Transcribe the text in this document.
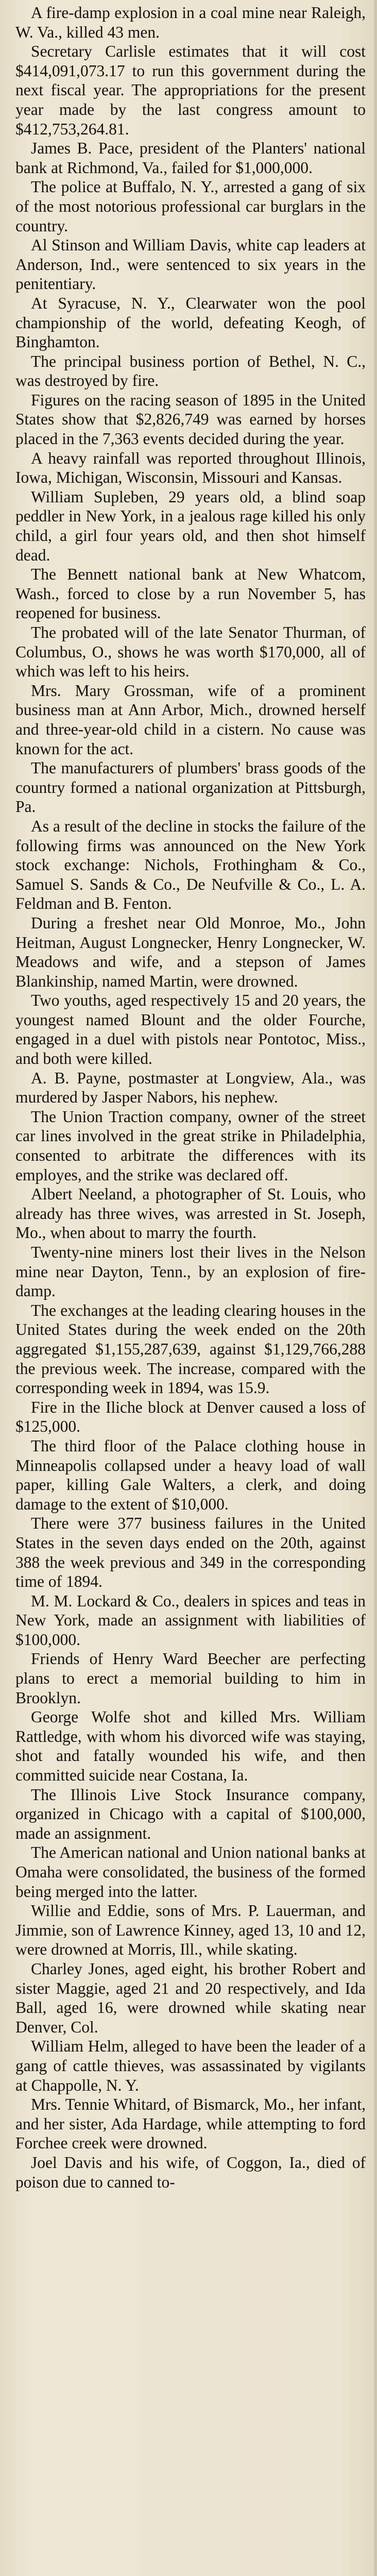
A fire-damp explosion in a coal mine near Raleigh, W. Va., killed 43 men.

Secretary Carlisle estimates that it will cost $414,091,073.17 to run this government during the next fiscal year. The appropriations for the present year made by the last congress amount to $412,753,264.81.

James B. Pace, president of the Planters' national bank at Richmond, Va., failed for $1,000,000.

The police at Buffalo, N. Y., arrested a gang of six of the most notorious professional car burglars in the country.

Al Stinson and William Davis, white cap leaders at Anderson, Ind., were sentenced to six years in the penitentiary.

At Syracuse, N. Y., Clearwater won the pool championship of the world, defeating Keogh, of Binghamton.

The principal business portion of Bethel, N. C., was destroyed by fire.

Figures on the racing season of 1895 in the United States show that $2,826,749 was earned by horses placed in the 7,363 events decided during the year.

A heavy rainfall was reported throughout Illinois, Iowa, Michigan, Wisconsin, Missouri and Kansas.

William Supleben, 29 years old, a blind soap peddler in New York, in a jealous rage killed his only child, a girl four years old, and then shot himself dead.

The Bennett national bank at New Whatcom, Wash., forced to close by a run November 5, has reopened for business.

The probated will of the late Senator Thurman, of Columbus, O., shows he was worth $170,000, all of which was left to his heirs.

Mrs. Mary Grossman, wife of a prominent business man at Ann Arbor, Mich., drowned herself and three-year-old child in a cistern. No cause was known for the act.

The manufacturers of plumbers' brass goods of the country formed a national organization at Pittsburgh, Pa.

As a result of the decline in stocks the failure of the following firms was announced on the New York stock exchange: Nichols, Frothingham & Co., Samuel S. Sands & Co., De Neufville & Co., L. A. Feldman and B. Fenton.

During a freshet near Old Monroe, Mo., John Heitman, August Longnecker, Henry Longnecker, W. Meadows and wife, and a stepson of James Blankinship, named Martin, were drowned.

Two youths, aged respectively 15 and 20 years, the youngest named Blount and the older Fourche, engaged in a duel with pistols near Pontotoc, Miss., and both were killed.

A. B. Payne, postmaster at Longview, Ala., was murdered by Jasper Nabors, his nephew.

The Union Traction company, owner of the street car lines involved in the great strike in Philadelphia, consented to arbitrate the differences with its employes, and the strike was declared off.

Albert Neeland, a photographer of St. Louis, who already has three wives, was arrested in St. Joseph, Mo., when about to marry the fourth.

Twenty-nine miners lost their lives in the Nelson mine near Dayton, Tenn., by an explosion of fire-damp.

The exchanges at the leading clearing houses in the United States during the week ended on the 20th aggregated $1,155,287,639, against $1,129,766,288 the previous week. The increase, compared with the corresponding week in 1894, was 15.9.

Fire in the Iliche block at Denver caused a loss of $125,000.

The third floor of the Palace clothing house in Minneapolis collapsed under a heavy load of wall paper, killing Gale Walters, a clerk, and doing damage to the extent of $10,000.

There were 377 business failures in the United States in the seven days ended on the 20th, against 388 the week previous and 349 in the corresponding time of 1894.

M. M. Lockard & Co., dealers in spices and teas in New York, made an assignment with liabilities of $100,000.

Friends of Henry Ward Beecher are perfecting plans to erect a memorial building to him in Brooklyn.

George Wolfe shot and killed Mrs. William Rattledge, with whom his divorced wife was staying, shot and fatally wounded his wife, and then committed suicide near Costana, Ia.

The Illinois Live Stock Insurance company, organized in Chicago with a capital of $100,000, made an assignment.

The American national and Union national banks at Omaha were consolidated, the business of the formed being merged into the latter.

Willie and Eddie, sons of Mrs. P. Lauerman, and Jimmie, son of Lawrence Kinney, aged 13, 10 and 12, were drowned at Morris, Ill., while skating.

Charley Jones, aged eight, his brother Robert and sister Maggie, aged 21 and 20 respectively, and Ida Ball, aged 16, were drowned while skating near Denver, Col.

William Helm, alleged to have been the leader of a gang of cattle thieves, was assassinated by vigilants at Chappolle, N. Y.

Mrs. Tennie Whitard, of Bismarck, Mo., her infant, and her sister, Ada Hardage, while attempting to ford Forchee creek were drowned.

Joel Davis and his wife, of Coggon, Ia., died of poison due to canned to-
